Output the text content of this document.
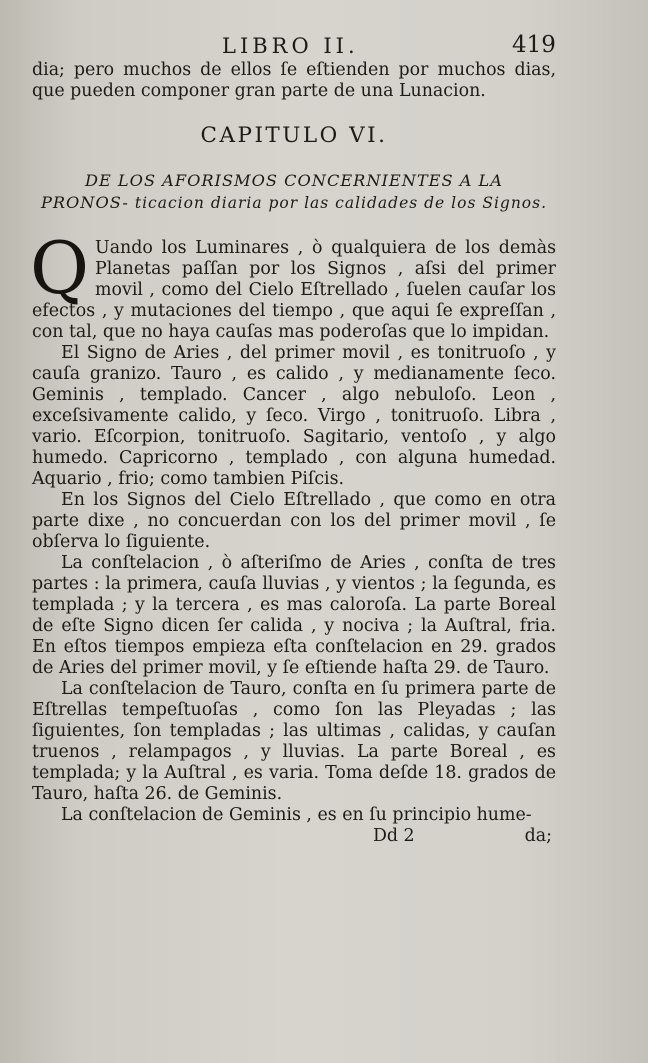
LIBRO II.	419

dia; pero muchos de ellos ſe eſtienden por muchos dias, que pueden componer gran parte de una Lunacion.

CAPITULO VI.

DE LOS AFORISMOS CONCERNIENTES A LA PRONOS- ticacion diaria por las calidades de los Signos.

Q Uando los Luminares , ò qualquiera de los demàs Planetas paſſan por los Signos , aſsi del primer movil , como del Cielo Eſtrellado , ſuelen cauſar los efectos , y mutaciones del tiempo , que aqui ſe expreſſan , con tal, que no haya cauſas mas poderoſas que lo impidan.

El Signo de Aries , del primer movil , es tonitruoſo , y cauſa granizo. Tauro , es calido , y medianamente ſeco. Geminis , templado. Cancer , algo nebuloſo. Leon , exceſsivamente calido, y ſeco. Virgo , tonitruoſo. Libra , vario. Eſcorpion, tonitruoſo. Sagitario, ventoſo , y algo humedo. Capricorno , templado , con alguna humedad. Aquario , frio; como tambien Piſcis.

En los Signos del Cielo Eſtrellado , que como en otra parte dixe , no concuerdan con los del primer movil , ſe obſerva lo ſiguiente.

La conſtelacion , ò aſteriſmo de Aries , conſta de tres partes : la primera, cauſa lluvias , y vientos ; la ſegunda, es templada ; y la tercera , es mas caloroſa. La parte Boreal de eſte Signo dicen ſer calida , y nociva ; la Auſtral, fria. En eſtos tiempos empieza eſta conſtelacion en 29. grados de Aries del primer movil, y ſe eſtiende haſta 29. de Tauro.

La conſtelacion de Tauro, conſta en ſu primera parte de Eſtrellas tempeſtuoſas , como ſon las Pleyadas ; las ſiguientes, ſon templadas ; las ultimas , calidas, y cauſan truenos , relampagos , y lluvias. La parte Boreal , es templada; y la Auſtral , es varia. Toma deſde 18. grados de Tauro, haſta 26. de Geminis.

La conſtelacion de Geminis , es en ſu principio hume-

Dd 2	da;
